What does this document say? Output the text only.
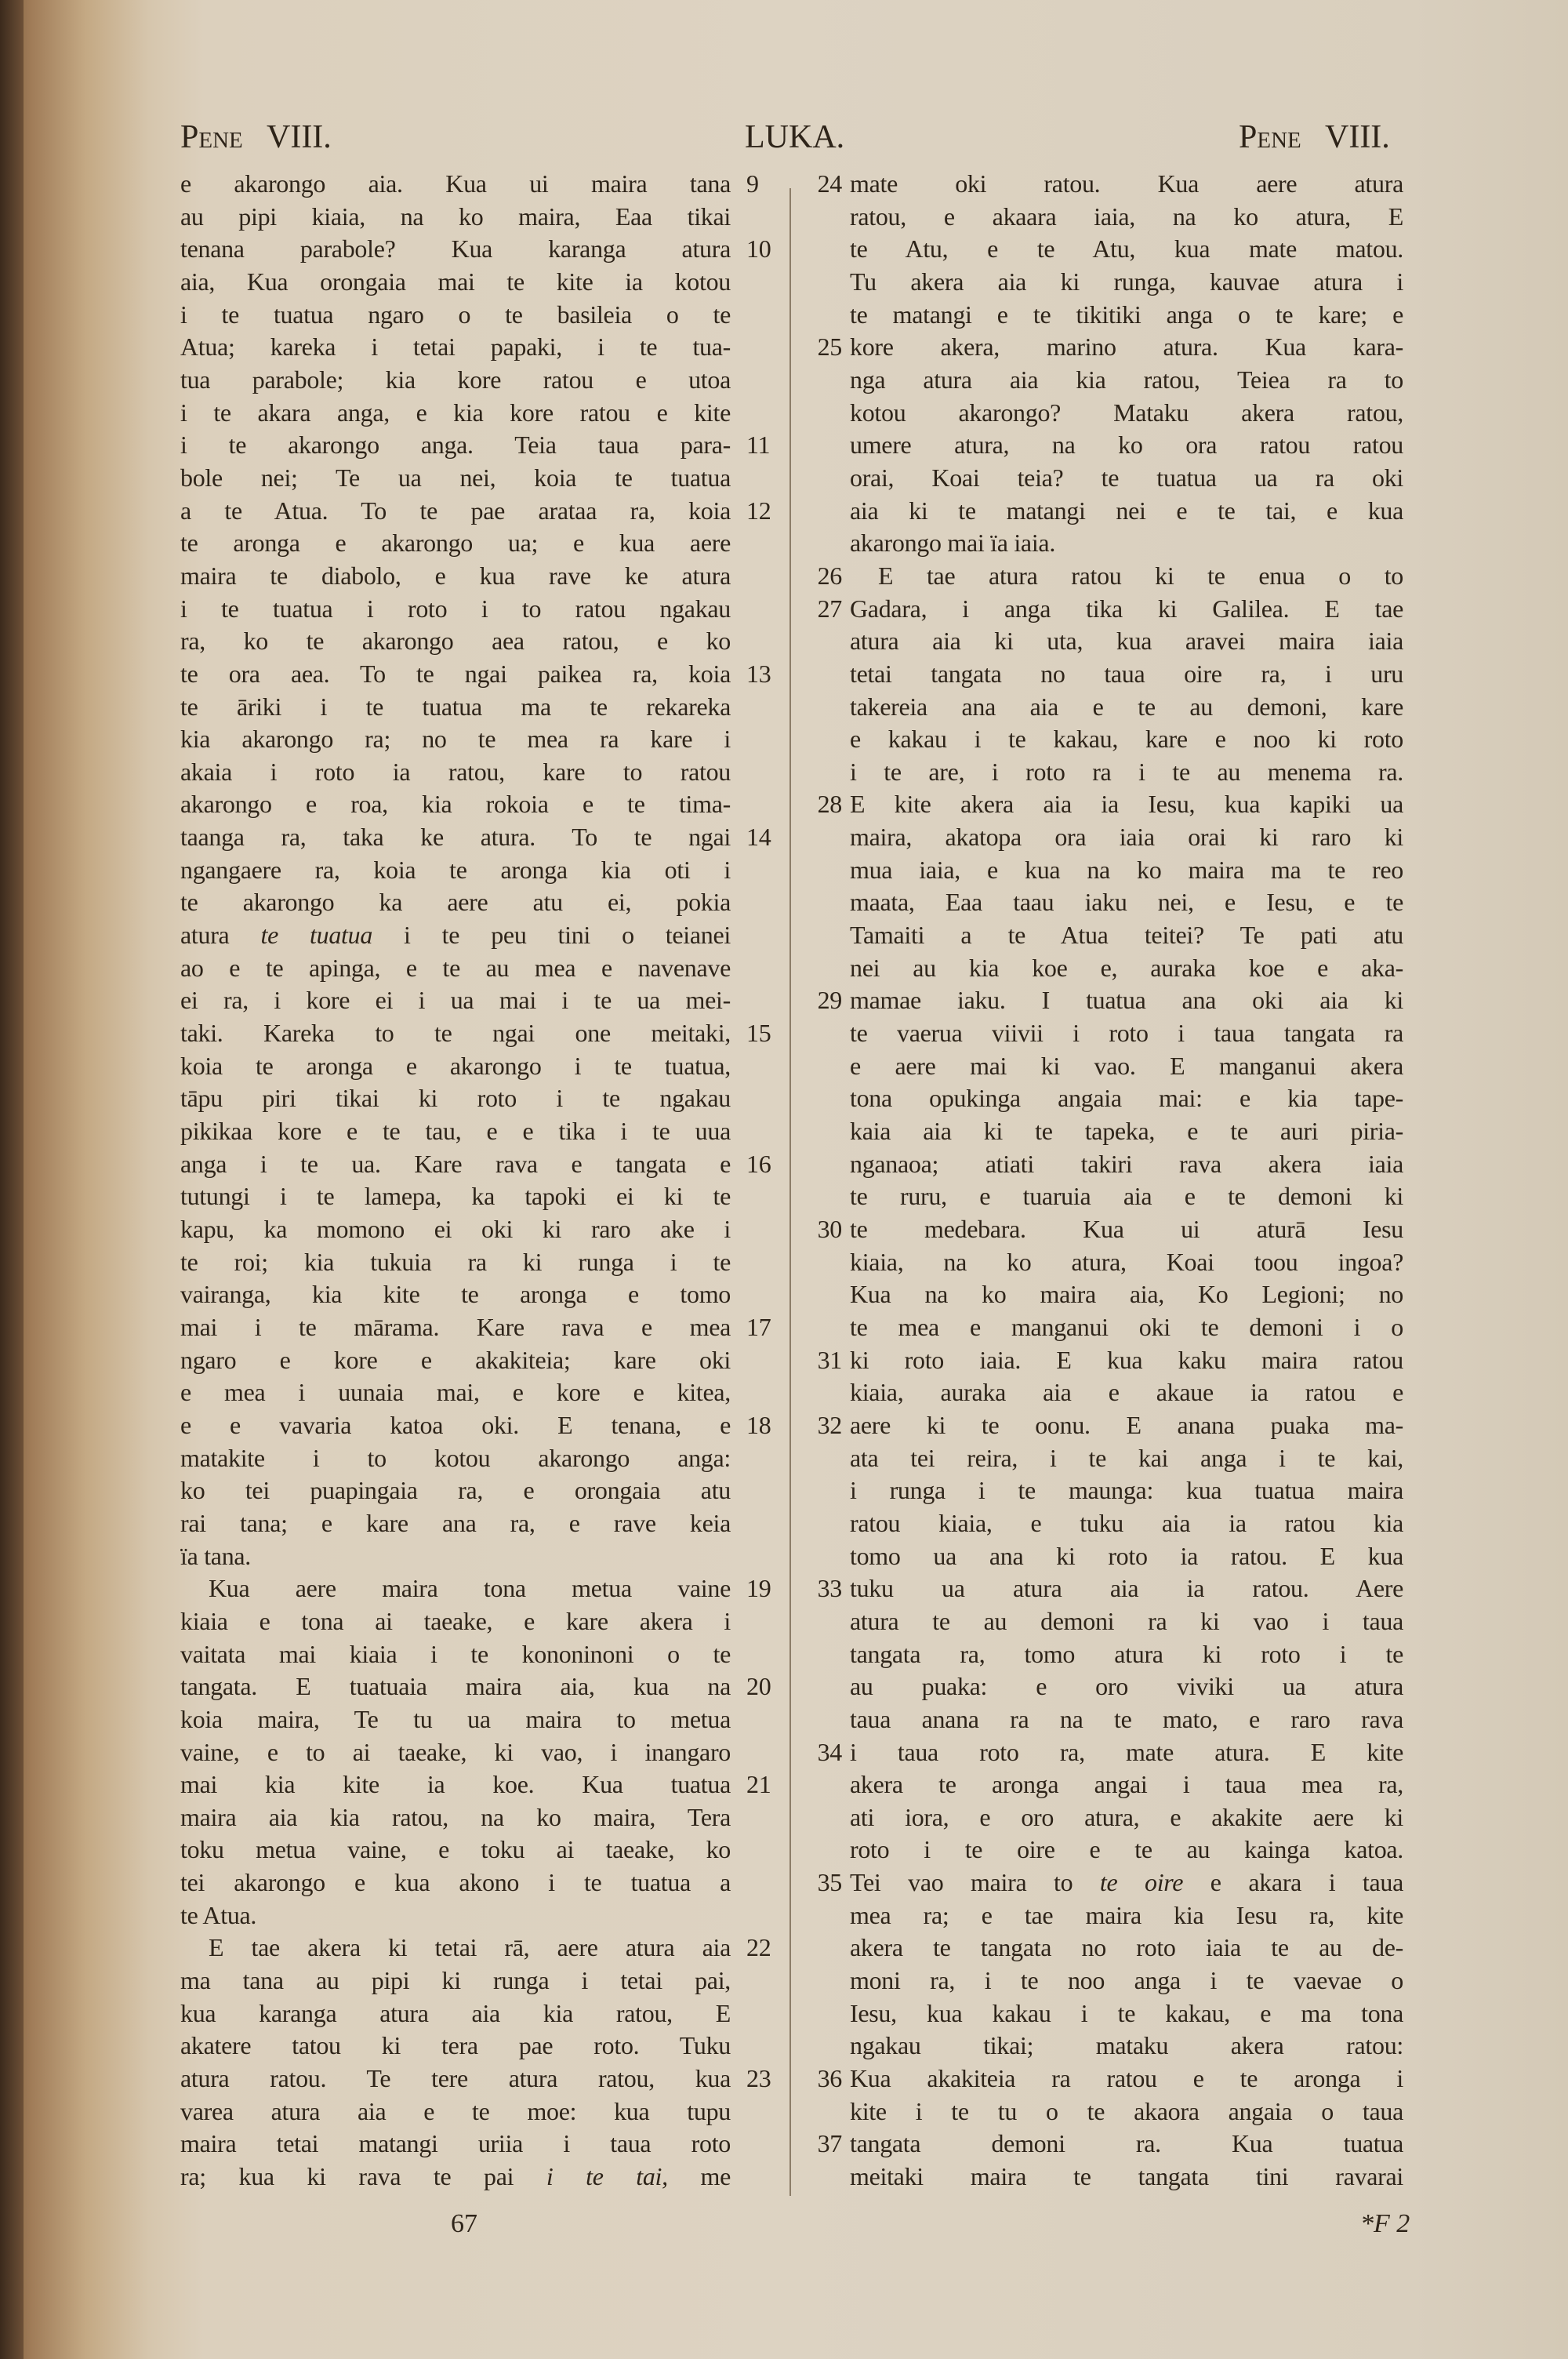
Pene VIII.	LUKA.	Pene VIII.
e akarongo aia. Kua ui maira tana 9
au pipi kiaia, na ko maira, Eaa tikai
tenana parabole? Kua karanga atura 10
aia, Kua orongaia mai te kite ia kotou
i te tuatua ngaro o te basileia o te
Atua; kareka i tetai papaki, i te tua-
tua parabole; kia kore ratou e utoa
i te akara anga, e kia kore ratou e kite
i te akarongo anga. Teia taua para- 11
bole nei; Te ua nei, koia te tuatua
a te Atua. To te pae arataa ra, koia 12
te aronga e akarongo ua; e kua aere
maira te diabolo, e kua rave ke atura
i te tuatua i roto i to ratou ngakau
ra, ko te akarongo aea ratou, e ko
te ora aea. To te ngai paikea ra, koia 13
te āriki i te tuatua ma te rekareka
kia akarongo ra; no te mea ra kare i
akaia i roto ia ratou, kare to ratou
akarongo e roa, kia rokoia e te tima-
taanga ra, taka ke atura. To te ngai 14
ngangaere ra, koia te aronga kia oti i
te akarongo ka aere atu ei, pokia
atura te tuatua i te peu tini o teianei
ao e te apinga, e te au mea e navenave
ei ra, i kore ei i ua mai i te ua mei-
taki. Kareka to te ngai one meitaki, 15
koia te aronga e akarongo i te tuatua,
tāpu piri tikai ki roto i te ngakau
pikikaa kore e te tau, e e tika i te uua
anga i te ua. Kare rava e tangata e 16
tutungi i te lamepa, ka tapoki ei ki te
kapu, ka momono ei oki ki raro ake i
te roi; kia tukuia ra ki runga i te
vairanga, kia kite te aronga e tomo
mai i te mārama. Kare rava e mea 17
ngaro e kore e akakiteia; kare oki
e mea i uunaia mai, e kore e kitea,
e e vavaria katoa oki. E tenana, e 18
matakite i to kotou akarongo anga:
ko tei puapingaia ra, e orongaia atu
rai tana; e kare ana ra, e rave keia
ïa tana.
Kua aere maira tona metua vaine 19
kiaia e tona ai taeake, e kare akera i
vaitata mai kiaia i te kononinoni o te
tangata. E tuatuaia maira aia, kua na 20
koia maira, Te tu ua maira to metua
vaine, e to ai taeake, ki vao, i inangaro
mai kia kite ia koe. Kua tuatua 21
maira aia kia ratou, na ko maira, Tera
toku metua vaine, e toku ai taeake, ko
tei akarongo e kua akono i te tuatua a
te Atua.
E tae akera ki tetai rā, aere atura aia 22
ma tana au pipi ki runga i tetai pai,
kua karanga atura aia kia ratou, E
akatere tatou ki tera pae roto. Tuku
atura ratou. Te tere atura ratou, kua 23
varea atura aia e te moe: kua tupu
maira tetai matangi uriia i taua roto
ra; kua ki rava te pai i te tai, me
mate oki ratou. Kua aere atura
24
ratou, e akaara iaia, na ko atura, E
te Atu, e te Atu, kua mate matou.
Tu akera aia ki runga, kauvae atura i
te matangi e te tikitiki anga o te kare; e
kore akera, marino atura. Kua kara-
25
nga atura aia kia ratou, Teiea ra to
kotou akarongo? Mataku akera ratou,
umere atura, na ko ora ratou ratou
orai, Koai teia? te tuatua ua ra oki
aia ki te matangi nei e te tai, e kua
akarongo mai ïa iaia.
E tae atura ratou ki te enua o to
26
Gadara, i anga tika ki Galilea. E tae
27
atura aia ki uta, kua aravei maira iaia
tetai tangata no taua oire ra, i uru
takereia ana aia e te au demoni, kare
e kakau i te kakau, kare e noo ki roto
i te are, i roto ra i te au menema ra.
E kite akera aia ia Iesu, kua kapiki ua
28
maira, akatopa ora iaia orai ki raro ki
mua iaia, e kua na ko maira ma te reo
maata, Eaa taau iaku nei, e Iesu, e te
Tamaiti a te Atua teitei? Te pati atu
nei au kia koe e, auraka koe e aka-
mamae iaku. I tuatua ana oki aia ki
29
te vaerua viivii i roto i taua tangata ra
e aere mai ki vao. E manganui akera
tona opukinga angaia mai: e kia tape-
kaia aia ki te tapeka, e te auri piria-
nganaoa; atiati takiri rava akera iaia
te ruru, e tuaruia aia e te demoni ki
te medebara. Kua ui aturā Iesu
30
kiaia, na ko atura, Koai toou ingoa?
Kua na ko maira aia, Ko Legioni; no
te mea e manganui oki te demoni i o
ki roto iaia. E kua kaku maira ratou
31
kiaia, auraka aia e akaue ia ratou e
aere ki te oonu. E anana puaka ma-
32
ata tei reira, i te kai anga i te kai,
i runga i te maunga: kua tuatua maira
ratou kiaia, e tuku aia ia ratou kia
tomo ua ana ki roto ia ratou. E kua
tuku ua atura aia ia ratou. Aere
33
atura te au demoni ra ki vao i taua
tangata ra, tomo atura ki roto i te
au puaka: e oro viviki ua atura
taua anana ra na te mato, e raro rava
i taua roto ra, mate atura. E kite
34
akera te aronga angai i taua mea ra,
ati iora, e oro atura, e akakite aere ki
roto i te oire e te au kainga katoa.
Tei vao maira to te oire e akara i taua
35
mea ra; e tae maira kia Iesu ra, kite
akera te tangata no roto iaia te au de-
moni ra, i te noo anga i te vaevae o
Iesu, kua kakau i te kakau, e ma tona
ngakau tikai; mataku akera ratou:
Kua akakiteia ra ratou e te aronga i
36
kite i te tu o te akaora angaia o taua
tangata demoni ra. Kua tuatua
37
meitaki maira te tangata tini ravarai
67	*F 2
